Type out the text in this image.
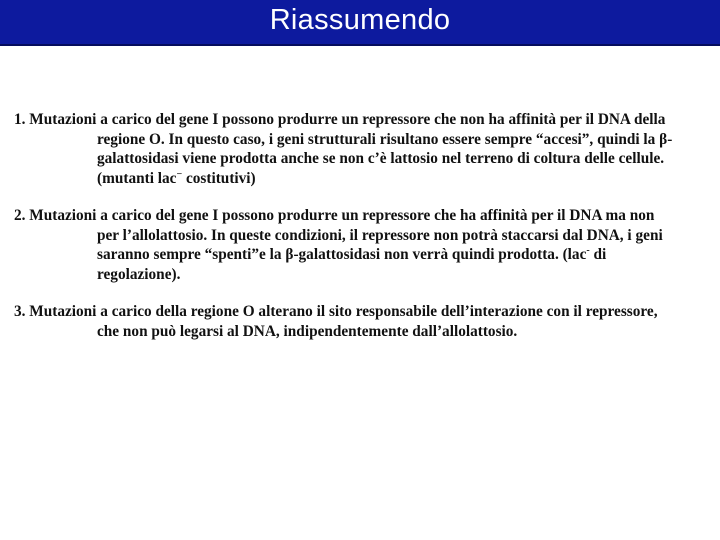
Riassumendo

1. Mutazioni a carico del gene I possono produrre un repressore che non ha affinità per il DNA della

regione O. In questo caso, i geni strutturali risultano essere sempre “accesi”, quindi la β-

galattosidasi viene prodotta anche se non c’è lattosio nel terreno di coltura delle cellule.

(mutanti lac− costitutivi)

2. Mutazioni a carico del gene I possono produrre un repressore che ha affinità per il DNA ma non

per l’allolattosio. In queste condizioni, il repressore non potrà staccarsi dal DNA, i geni

saranno sempre “spenti”e la β-galattosidasi non verrà quindi prodotta. (lac- di

regolazione).

3. Mutazioni a carico della regione O alterano il sito responsabile dell’interazione con il repressore,

che non può legarsi al DNA, indipendentemente dall’allolattosio.
